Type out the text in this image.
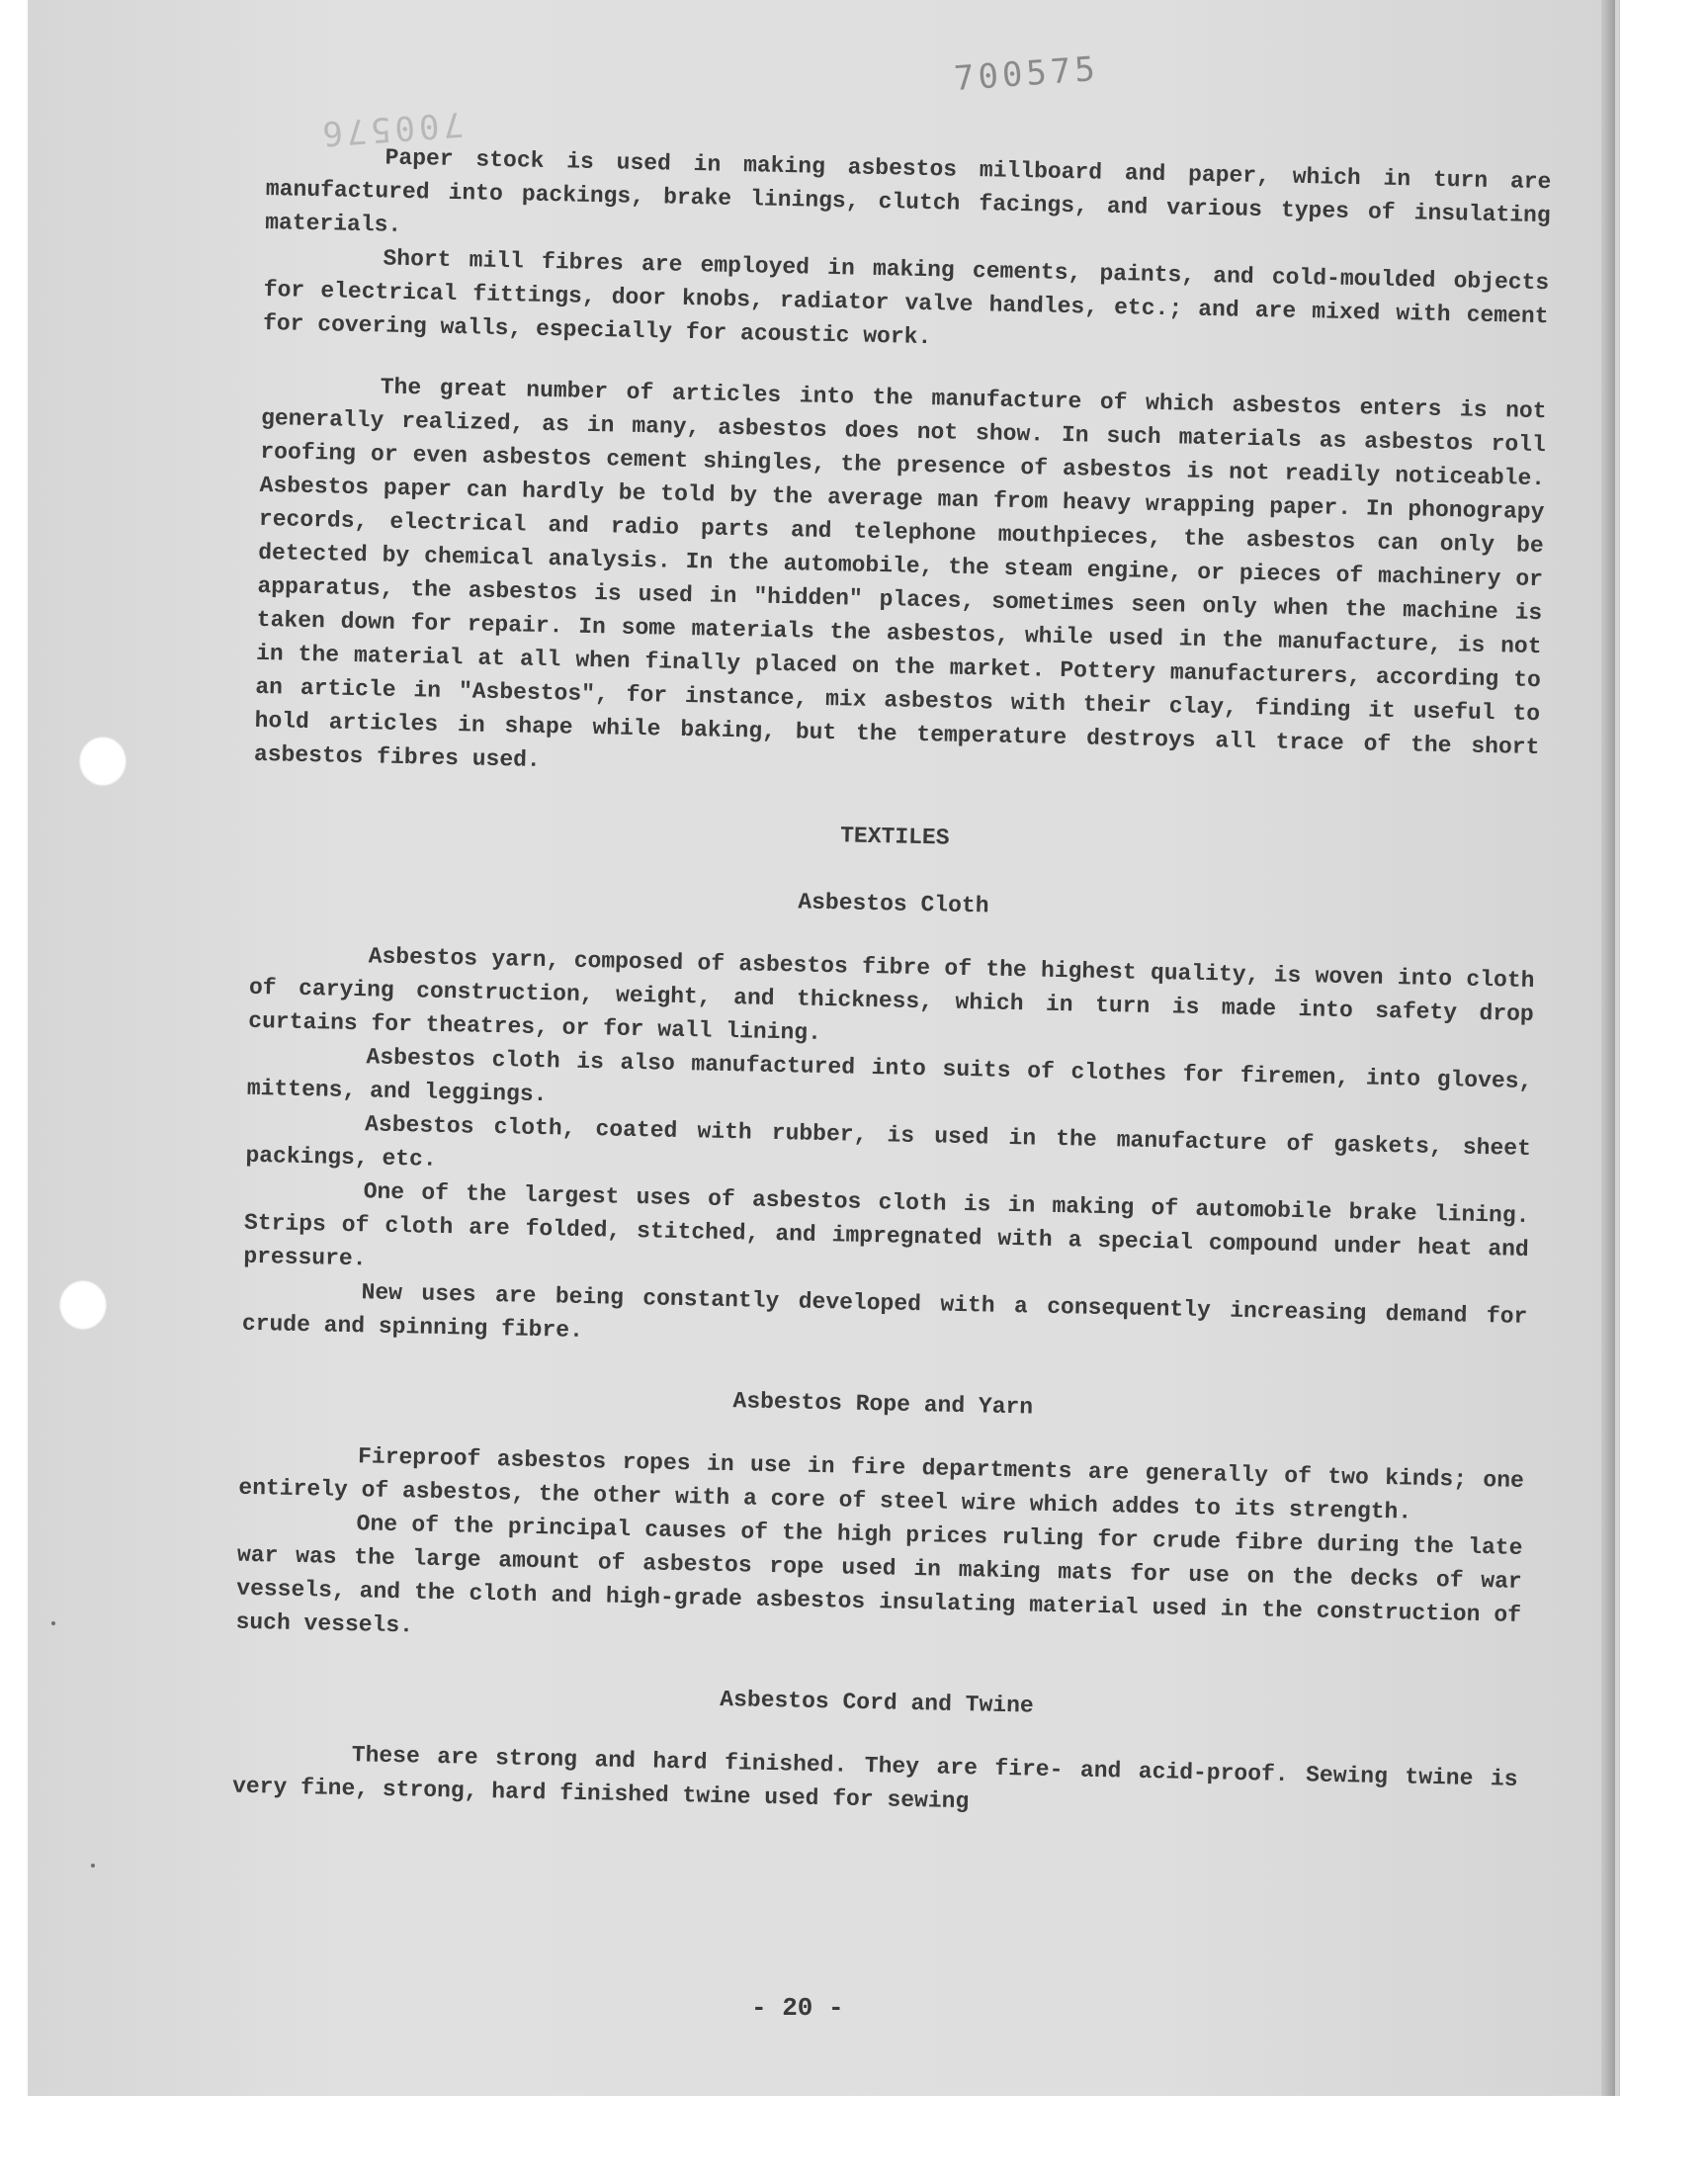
700575
700576

Paper stock is used in making asbestos millboard and paper, which in turn are manufactured into packings, brake linings, clutch facings, and various types of insulating materials.

Short mill fibres are employed in making cements, paints, and cold-moulded objects for electrical fittings, door knobs, radiator valve handles, etc.; and are mixed with cement for covering walls, especially for acoustic work.

The great number of articles into the manufacture of which asbestos enters is not generally realized, as in many, asbestos does not show. In such materials as asbestos roll roofing or even asbestos cement shingles, the presence of asbestos is not readily noticeable. Asbestos paper can hardly be told by the average man from heavy wrapping paper. In phonograpy records, electrical and radio parts and telephone mouthpieces, the asbestos can only be detected by chemical analysis. In the automobile, the steam engine, or pieces of machinery or apparatus, the asbestos is used in "hidden" places, sometimes seen only when the machine is taken down for repair. In some materials the asbestos, while used in the manufacture, is not in the material at all when finally placed on the market. Pottery manufacturers, according to an article in "Asbestos", for instance, mix asbestos with their clay, finding it useful to hold articles in shape while baking, but the temperature destroys all trace of the short asbestos fibres used.

TEXTILES
Asbestos Cloth

Asbestos yarn, composed of asbestos fibre of the highest quality, is woven into cloth of carying construction, weight, and thickness, which in turn is made into safety drop curtains for theatres, or for wall lining.

Asbestos cloth is also manufactured into suits of clothes for firemen, into gloves, mittens, and leggings.

Asbestos cloth, coated with rubber, is used in the manufacture of gaskets, sheet packings, etc.

One of the largest uses of asbestos cloth is in making of automobile brake lining. Strips of cloth are folded, stitched, and impregnated with a special compound under heat and pressure.

New uses are being constantly developed with a consequently increasing demand for crude and spinning fibre.

Asbestos Rope and Yarn

Fireproof asbestos ropes in use in fire departments are generally of two kinds; one entirely of asbestos, the other with a core of steel wire which addes to its strength.

One of the principal causes of the high prices ruling for crude fibre during the late war was the large amount of asbestos rope used in making mats for use on the decks of war vessels, and the cloth and high-grade asbestos insulating material used in the construction of such vessels.

Asbestos Cord and Twine

These are strong and hard finished. They are fire- and acid-proof. Sewing twine is very fine, strong, hard finished twine used for sewing

- 20 -
